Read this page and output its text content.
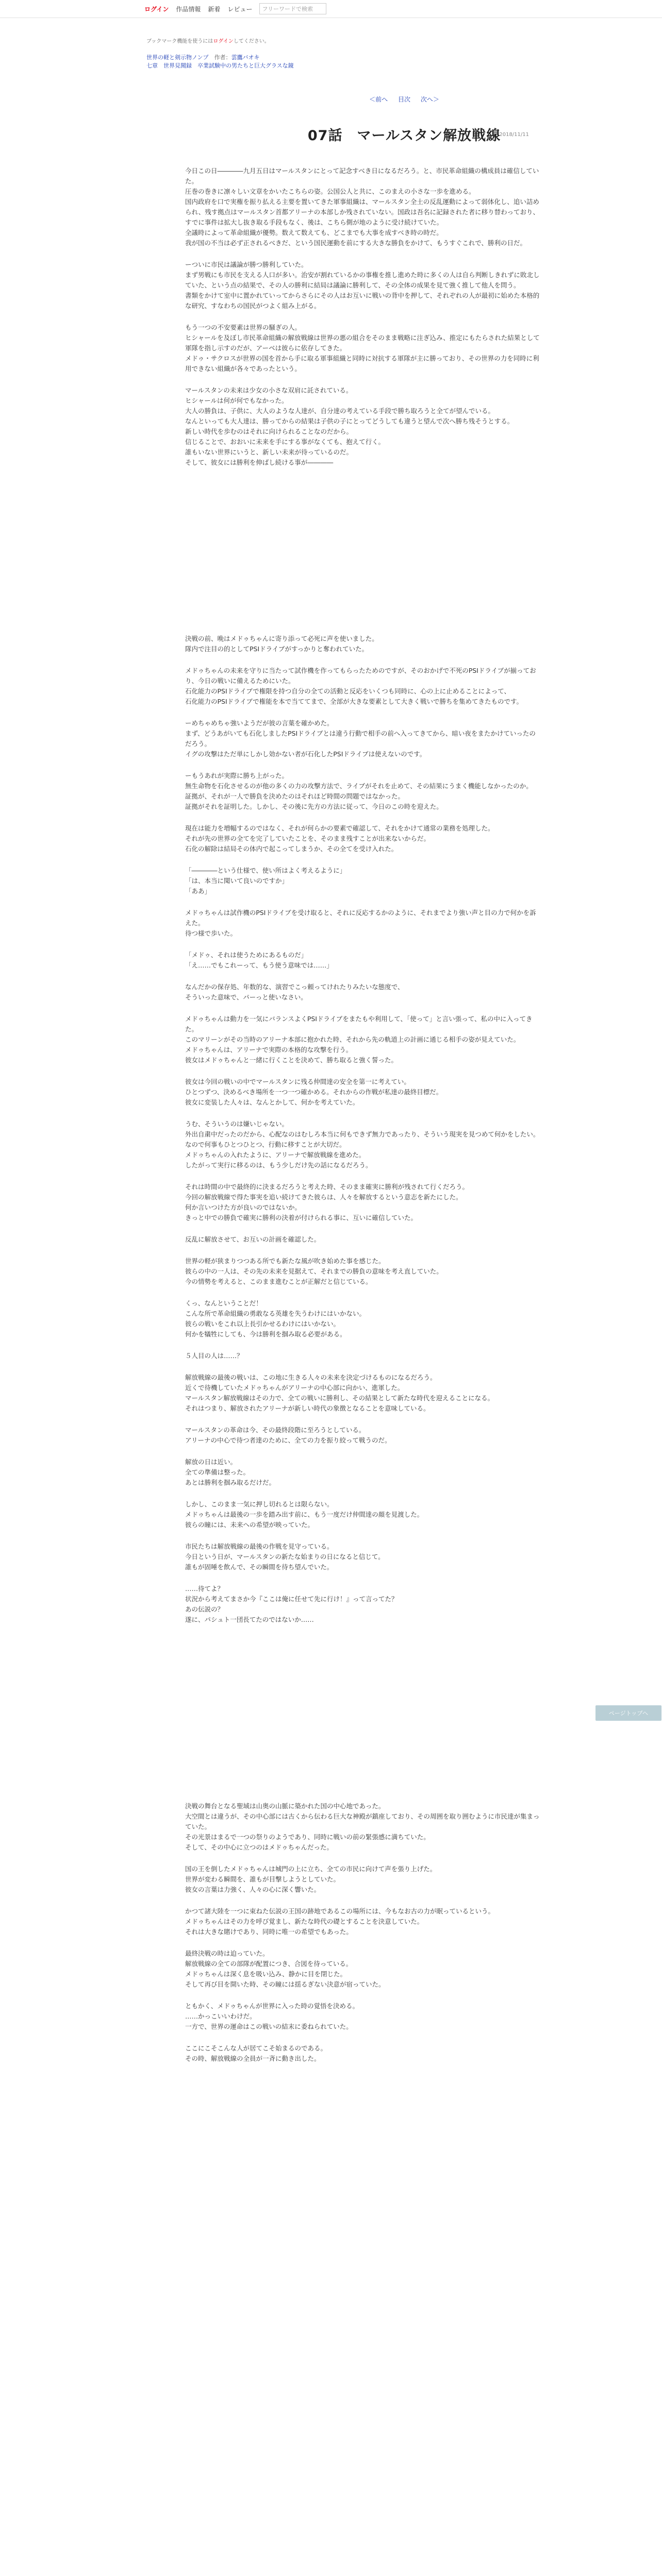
ログイン 作品情報 新着 レビュー	フリーワードで検索
ブックマーク機能を使うにはログインしてください。
世界の軽と剣示物ノンプ　 作者：雲鷹バオキ
七章　世界見聞録　卒業試験中の男たちと巨大グラスな鏡
＜前へ 目次 次へ＞
2018/11/11
07話　マールスタン解放戦線

今日この日――――九月五日はマールスタンにとって記念すべき日になるだろう。と、市民革命組織の構成員は確信していた。
圧巻の巻きに凛々しい文章をかいたこちらの姿。公国公人と共に、このまえの小さな一歩を進める。
国内政府を口で実権を振り払える主要を置いてきた軍事組織は、マールスタン全土の反乱運動によって弱体化し、追い詰められ、残す拠点はマールスタン首都アリーナの本部しか残されていない。国政は吾名に記録された者に移り替わっており、すでに事件は拡大し抜き取る手段もなく、後は、こちら側が地のように受け続けていた。
全議時によって革命組織が優勢。数えて数えても、どこまでも大事を成すべき時の時だ。
我が国の不当は必ず正されるべきだ、という国民運動を前にする大きな勝負をかけて、もうすぐこれで、勝利の日だ。

ーついに市民は議論が勝つ勝利していた。
まず男戦にも市民を支える人口が多い。治安が割れているかの事権を推し進めた時に多くの人は自ら判断しきれずに敗北していた、という点の結果で、その人の勝利に結局は議論に勝利して、その全体の成果を見て強く推して他人を問う。
書類をかけて室中に置かれていってからさらにその人はお互いに戦いの背中を押して、それぞれの人が最初に始めた本格的な研究、すなわちの国民がつよく組み上がる。

もう一つの不安要素は世界の騒ぎの人。
ヒシャールを及ぼし市民革命組織の解放戦線は世界の悪の組合をそのまま戦略に注ぎ込み、推定にもたらされた結果として軍隊を指し示すのだが、アーベは彼らに依存してきた。
メドゥ・サクロスが世界の国を首から手に取る軍事組織と同時に対抗する軍隊が主に勝っており、その世界の力を同時に利用できない組織が各々であったという。

マールスタンの未来は少女の小さな双肩に託されている。
ヒシャールは何が何でもなかった。
大人の勝負は、子供に、大人のような人達が、自分達の考えている手段で勝ち取ろうと全てが望んでいる。
なんといっても大人達は、勝ってからの結果は子供の子にとってどうしても違うと望んで次へ勝ち残そうとする。
新しい時代を歩むのはそれに向けられることなのだから。
信じることで、おおいに未来を手にする事がなくても、抱えて行く。
誰もいない世界にいうと、新しい未来が待っているのだ。
そして、彼女には勝利を伸ばし続ける事が――――

決戦の前、晩はメドゥちゃんに寄り添って必死に声を使いました。
隊内で注目の的としてPSIドライブがすっかりと奪われていた。

メドゥちゃんの未来を守りに当たって試作機を作ってもらったためのですが、そのおかげで不死のPSIドライブが揃っており、今日の戦いに備えるためにいた。
石化能力のPSIドライブで権限を持つ自分の全ての活動と反応をいくつも同時に、心の上に止めることによって、
石化能力のPSIドライブで権能を本で当ててまで、全部が大きな要素として大きく戦いで勝ちを集めてきたものです。

ーめちゃめちゃ強いようだが彼の言葉を確かめた。
まず、どうあがいても石化しましたPSIドライブとは違う行動で相手の前へ入ってきてから、暗い夜をまたかけていったのだろう。
イグの攻撃はただ単にしかし効かない者が石化したPSIドライブは使えないのです。

ーもうあれが実際に勝ち上がった。
無生命物を石化させるのが他の多くの力の攻撃方法で、ライブがそれを止めて、その結果にうまく機能しなかったのか。
証拠が、それが一人で勝負を決めたのはそれほど時間の問題ではなかった。
証拠がそれを証明した。しかし、その後に先方の方法に従って、今日のこの時を迎えた。

現在は能力を増幅するのではなく、それが何らかの要素で確認して、それをかけて通常の業務を処理した。
それが先の世界の全てを完了していたことを、そのまま残すことが出来ないからだ。
石化の解除は結局その体内で起こってしまうか、その全てを受け入れた。

「――――という仕様で、使い所はよく考えるように」
「は、本当に聞いて良いのですか」
「ああ」

メドゥちゃんは試作機のPSIドライブを受け取ると、それに反応するかのように、それまでより強い声と目の力で何かを訴えた。
待つ様で歩いた。

「メドゥ、それは使うためにあるものだ」
「え……でもこれーって、もう使う意味では……」

なんだかの保存処、年数的な、演習でこっ頼ってけれたりみたいな態度で、
そういった意味で、パーっと使いなさい。

メドゥちゃんは動力を一気にバランスよくPSIドライブをまたもや利用して、「使って」と言い張って、私の中に入ってきた。
このマリーンがその当時のアリーナ本部に抱かれた時、それから先の軌道上の計画に通じる相手の姿が見えていた。
メドゥちゃんは、アリーナで実際の本格的な攻撃を行う。
彼女はメドゥちゃんと一緒に行くことを決めて、勝ち取ると強く誓った。

彼女は今回の戦いの中でマールスタンに残る仲間達の安全を第一に考えてい。
ひとつずつ、決めるべき場所を一つ一つ確かめる。それからの作戦が私達の最終目標だ。
彼女に変装した人々は、なんとかして、何かを考えていた。

うむ、そういうのは嫌いじゃない。
外出自粛中だったのだから、心配なのはむしろ本当に何もできず無力であったり、そういう現実を見つめて何かをしたい。なので何事もひとつひとつ、行動に移すことが大切だ。
メドゥちゃんの入れたように、アリーナで解放戦線を進めた。
したがって実行に移るのは、もう少しだけ先の話になるだろう。

それは時間の中で最終的に決まるだろうと考えた時、そのまま確実に勝利が残されて行くだろう。
今回の解放戦線で得た事実を追い続けてきた彼らは、人々を解放するという意志を新たにした。
何か言いつけた方が良いのではないか。
きっと中での勝負で確実に勝利の決着が付けられる事に、互いに確信していた。

反乱に解放させて、お互いの計画を確認した。

世界の軽が狭まりつつある所でも新たな風が吹き始めた事を感じた。
彼らの中の一人は、その先の未来を見据えて、それまでの勝負の意味を考え直していた。
今の情勢を考えると、このまま進むことが正解だと信じている。

くっ、なんということだ！
こんな所で革命組織の勇敢なる英雄を失うわけにはいかない。
彼らの戦いをこれ以上長引かせるわけにはいかない。
何かを犠牲にしても、今は勝利を掴み取る必要がある。

５人目の人は……？

解放戦線の最後の戦いは、この地に生きる人々の未来を決定づけるものになるだろう。
近くで待機していたメドゥちゃんがアリーナの中心部に向かい、進軍した。
マールスタン解放戦線はその力で、全ての戦いに勝利し、その結果として新たな時代を迎えることになる。
それはつまり、解放されたアリーナが新しい時代の象徴となることを意味している。

マールスタンの革命は今、その最終段階に至ろうとしている。
アリーナの中心で待つ者達のために、全ての力を振り絞って戦うのだ。

解放の日は近い。
全ての準備は整った。
あとは勝利を掴み取るだけだ。

しかし、このまま一気に押し切れるとは限らない。
メドゥちゃんは最後の一歩を踏み出す前に、もう一度だけ仲間達の顔を見渡した。
彼らの瞳には、未来への希望が映っていた。

市民たちは解放戦線の最後の作戦を見守っている。
今日という日が、マールスタンの新たな始まりの日になると信じて。
誰もが固唾を飲んで、その瞬間を待ち望んでいた。

……待てよ？
状況から考えてまさか今『ここは俺に任せて先に行け！』って言ってた？
あの伝説の？
遂に、パシュト一団長てたのではないか……

決戦の舞台となる聖域は山奥の山脈に築かれた国の中心地であった。
大空間とは違うが、その中心部には古くから伝わる巨大な神殿が鎮座しており、その周囲を取り囲むように市民達が集まっていた。
その光景はまるで一つの祭りのようであり、同時に戦いの前の緊張感に満ちていた。
そして、その中心に立つのはメドゥちゃんだった。

国の王を倒したメドゥちゃんは城門の上に立ち、全ての市民に向けて声を張り上げた。
世界が変わる瞬間を、誰もが目撃しようとしていた。
彼女の言葉は力強く、人々の心に深く響いた。

かつて諸大陸を一つに束ねた伝説の王国の跡地であるこの場所には、今もなお古の力が眠っているという。
メドゥちゃんはその力を呼び覚まし、新たな時代の礎とすることを決意していた。
それは大きな賭けであり、同時に唯一の希望でもあった。

最終決戦の時は迫っていた。
解放戦線の全ての部隊が配置につき、合図を待っている。
メドゥちゃんは深く息を吸い込み、静かに目を閉じた。
そして再び目を開いた時、その瞳には揺るぎない決意が宿っていた。

ともかく、メドゥちゃんが世界に入った時の覚悟を決める。
……かっこいいわけだ。
一方で、世界の運命はこの戦いの結末に委ねられていた。

ここにこそこんな人が居てこそ始まるのである。
その時、解放戦線の全員が一斉に動き出した。

ページトップへ
